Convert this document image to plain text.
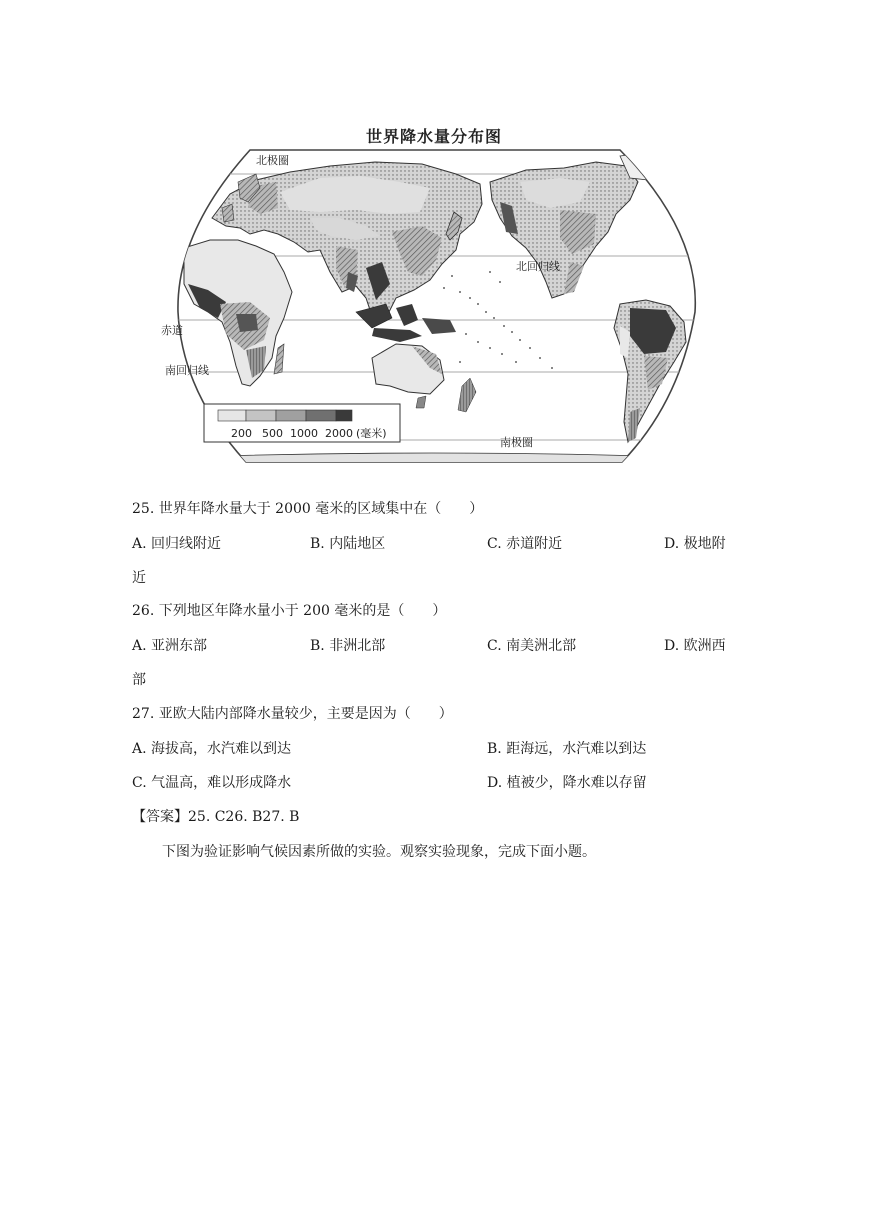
北极圈
北回归线
赤道
南回归线
南极圈
200 500 1000 2000 (毫米)
世界降水量分布图
25. 世界年降水量大于 2000 毫米的区域集中在（　　）
A. 回归线附近	B. 内陆地区	C. 赤道附近	D. 极地附
近
26. 下列地区年降水量小于 200 毫米的是（　　）
A. 亚洲东部	B. 非洲北部	C. 南美洲北部	D. 欧洲西
部
27. 亚欧大陆内部降水量较少，主要是因为（　　）
A. 海拔高，水汽难以到达	B. 距海远，水汽难以到达
C. 气温高，难以形成降水	D. 植被少，降水难以存留
【答案】25. C26. B27. B
下图为验证影响气候因素所做的实验。观察实验现象，完成下面小题。
